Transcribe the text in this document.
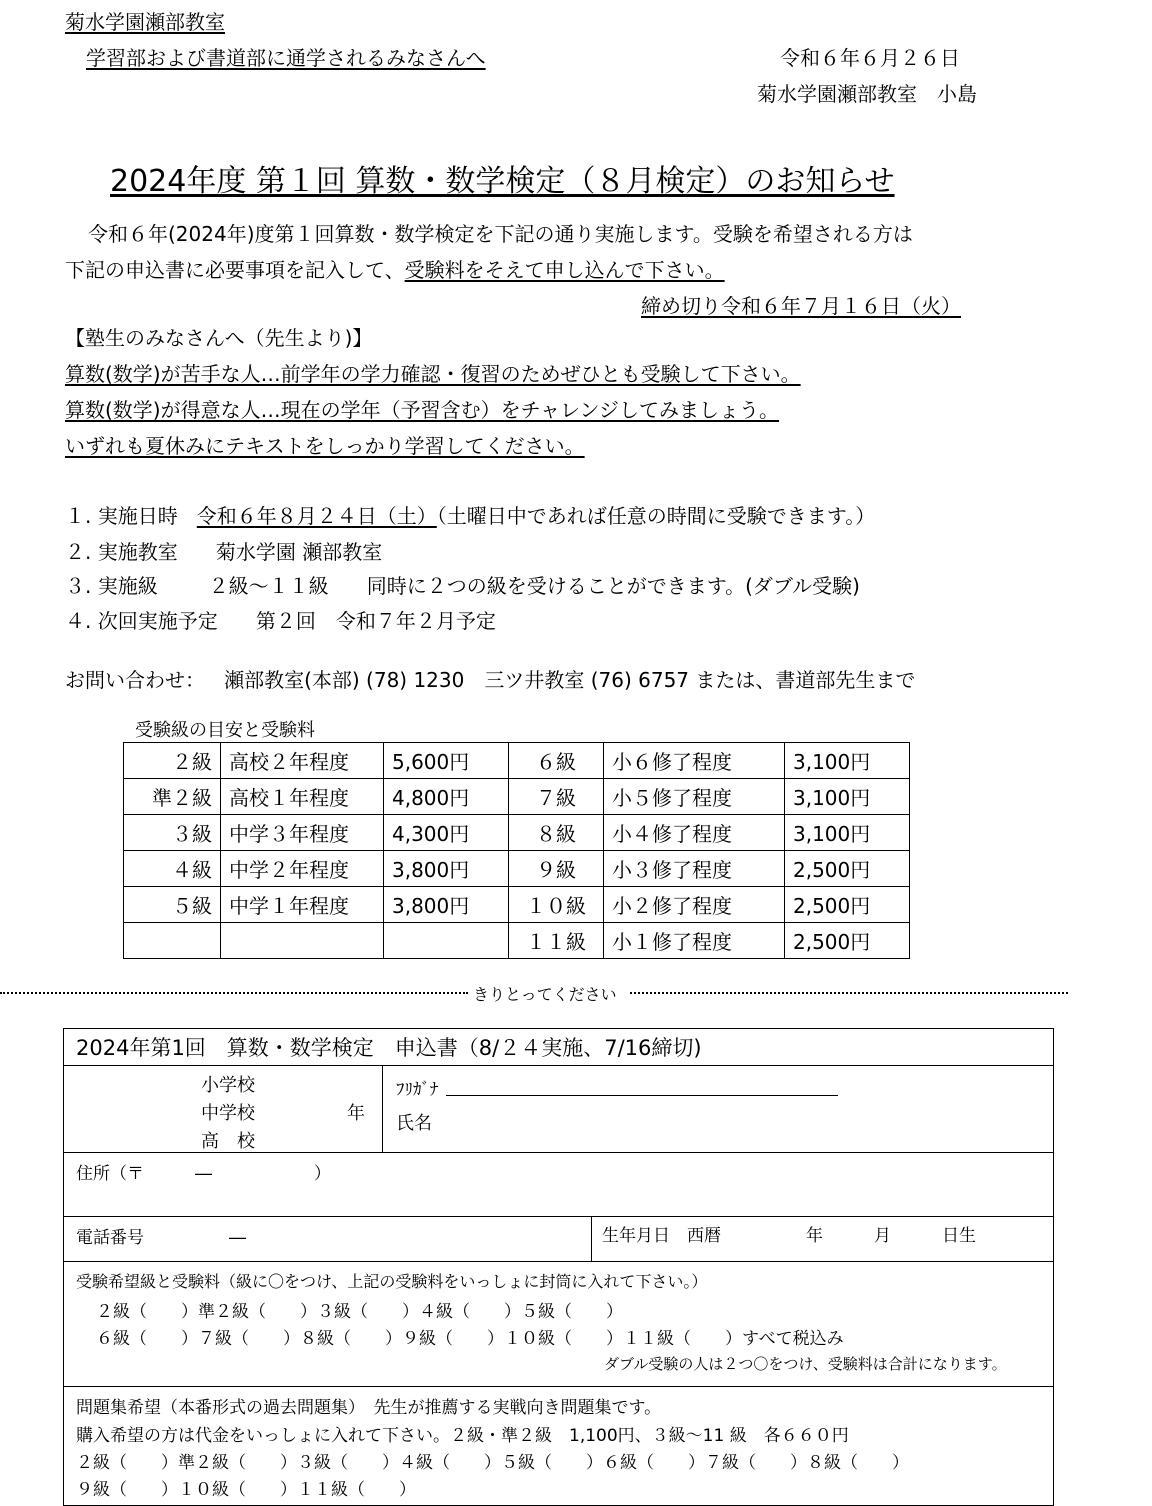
菊水学園瀬部教室
学習部および書道部に通学されるみなさんへ	令和６年６月２６日
菊水学園瀬部教室　小島
2024年度 第１回 算数・数学検定（８月検定）のお知らせ
令和６年(2024年)度第１回算数・数学検定を下記の通り実施します。受験を希望される方は
下記の申込書に必要事項を記入して、受験料をそえて申し込んで下さい。
締め切り令和６年７月１６日（火）
【塾生のみなさんへ（先生より)】
算数(数学)が苦手な人…前学年の学力確認・復習のためぜひとも受験して下さい。
算数(数学)が得意な人…現在の学年（予習含む）をチャレンジしてみましょう。
いずれも夏休みにテキストをしっかり学習してください。
１. 実施日時 令和６年８月２４日（土）（土曜日中であれば任意の時間に受験できます。）
２. 実施教室 菊水学園 瀬部教室
３. 実施級	２級〜１１級 同時に２つの級を受けることができます。(ダブル受験)
４. 次回実施予定 第２回　令和７年２月予定
お問い合わせ： 瀬部教室(本部) (78) 1230　三ツ井教室 (76) 6757 または、書道部先生まで
受験級の目安と受験料
２級	高校２年程度	5,600円	６級	小６修了程度	3,100円
準２級	高校１年程度	4,800円	７級	小５修了程度	3,100円
３級	中学３年程度	4,300円	８級	小４修了程度	3,100円
４級	中学２年程度	3,800円	９級	小３修了程度	2,500円
５級	中学１年程度	3,800円	１０級	小２修了程度	2,500円
			１１級	小１修了程度	2,500円
きりとってください
2024年第1回　算数・数学検定　申込書（8/２４実施、7/16締切)
小学校
中学校
高　校
年
ﾌﾘｶﾞﾅ
氏名
住所（〒　　　―　　　　　　）
電話番号　　　　　―	生年月日　西暦　　　　　年　　　月　　　日生
受験希望級と受験料（級に〇をつけ、上記の受験料をいっしょに封筒に入れて下さい。）
２級（　　）準２級（　　）３級（　　）４級（　　）５級（　　）
６級（　　）７級（　　）８級（　　）９級（　　）１０級（　　）１１級（　　）すべて税込み
ダブル受験の人は２つ〇をつけ、受験料は合計になります。
問題集希望（本番形式の過去問題集）　先生が推薦する実戦向き問題集です。
購入希望の方は代金をいっしょに入れて下さい。２級・準２級　1,100円、３級〜11 級　各６６０円
２級（　　）準２級（　　）３級（　　）４級（　　）５級（　　）６級（　　）７級（　　）８級（　　）
９級（　　）１０級（　　）１１級（　　）
